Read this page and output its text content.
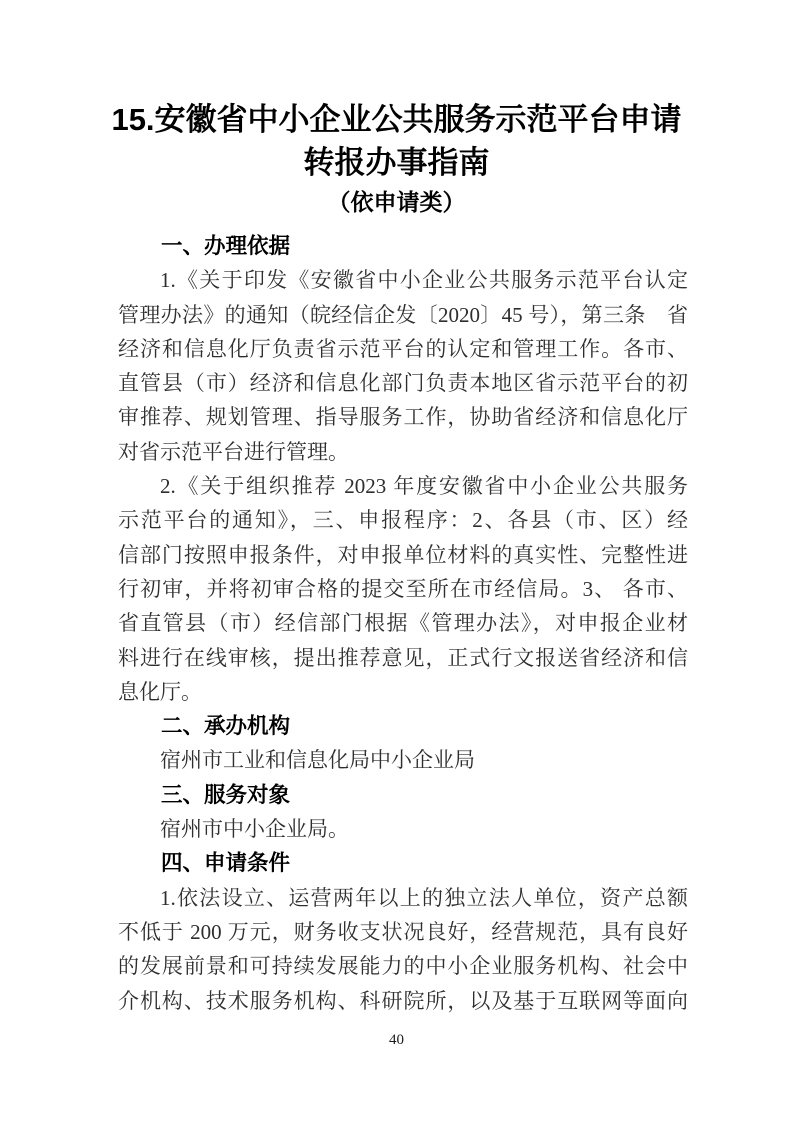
15.安徽省中小企业公共服务示范平台申请
转报办事指南
（依申请类）
一、办理依据
1.《关于印发《安徽省中小企业公共服务示范平台认定
管理办法》的通知（皖经信企发〔2020〕45 号），第三条　省
经济和信息化厅负责省示范平台的认定和管理工作。各市、
直管县（市）经济和信息化部门负责本地区省示范平台的初
审推荐、规划管理、指导服务工作，协助省经济和信息化厅
对省示范平台进行管理。
2.《关于组织推荐 2023 年度安徽省中小企业公共服务
示范平台的通知》，三、申报程序：2、各县（市、区）经
信部门按照申报条件，对申报单位材料的真实性、完整性进
行初审，并将初审合格的提交至所在市经信局。3、 各市、
省直管县（市）经信部门根据《管理办法》，对申报企业材
料进行在线审核，提出推荐意见，正式行文报送省经济和信
息化厅。
二、承办机构
宿州市工业和信息化局中小企业局
三、服务对象
宿州市中小企业局。
四、申请条件
1.依法设立、运营两年以上的独立法人单位，资产总额
不低于 200 万元，财务收支状况良好，经营规范，具有良好
的发展前景和可持续发展能力的中小企业服务机构、社会中
介机构、技术服务机构、科研院所，以及基于互联网等面向
40
